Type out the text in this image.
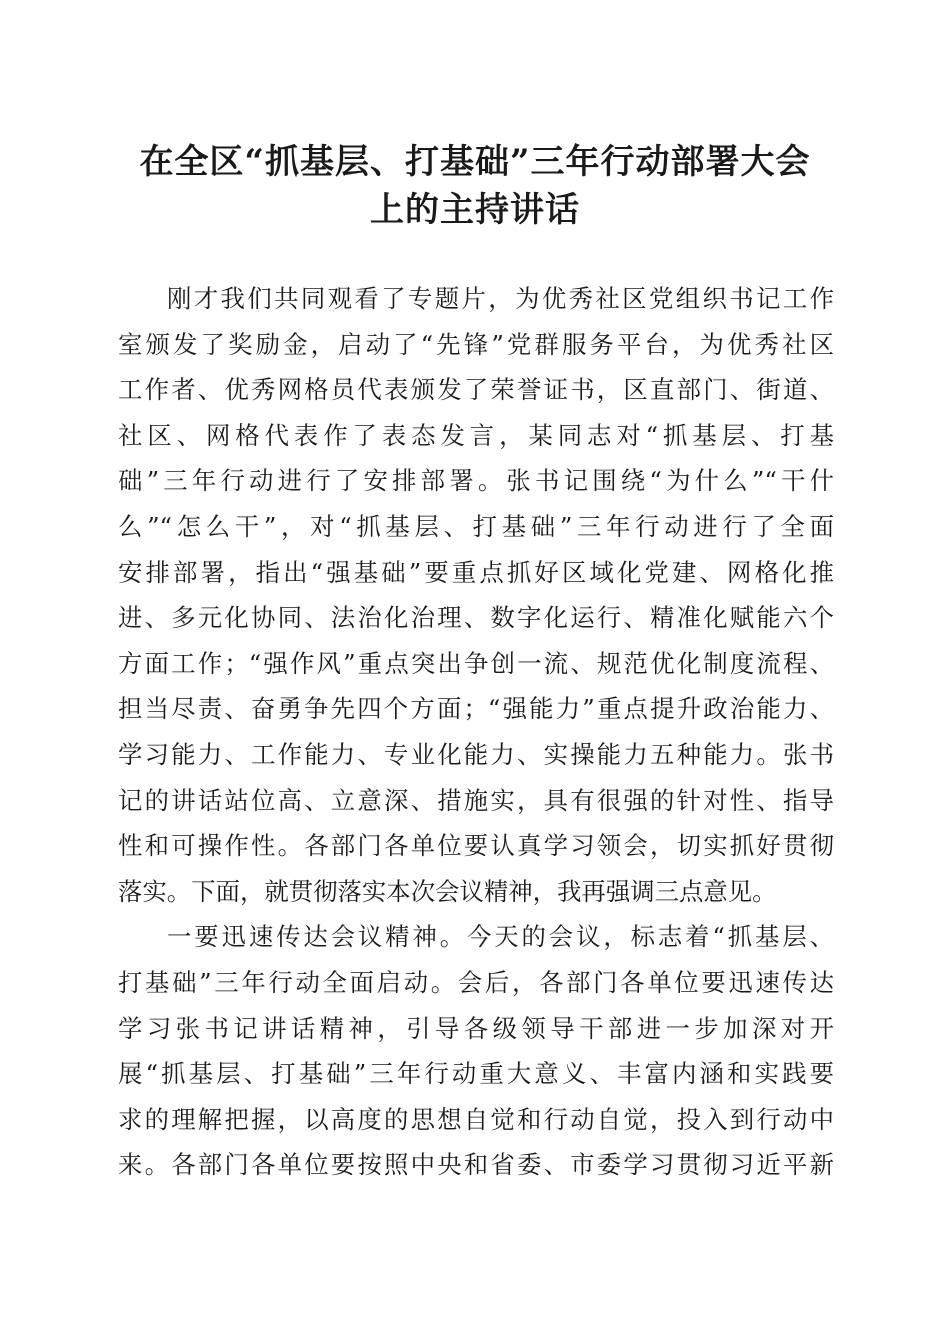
在全区“抓基层、打基础”三年行动部署大会
上的主持讲话
刚才我们共同观看了专题片，为优秀社区党组织书记工作
室颁发了奖励金，启动了“先锋”党群服务平台，为优秀社区
工作者、优秀网格员代表颁发了荣誉证书，区直部门、街道、
社区、网格代表作了表态发言，某同志对“抓基层、打基
础”三年行动进行了安排部署。张书记围绕“为什么”“干什
么”“怎么干”，对“抓基层、打基础”三年行动进行了全面
安排部署，指出“强基础”要重点抓好区域化党建、网格化推
进、多元化协同、法治化治理、数字化运行、精准化赋能六个
方面工作；“强作风”重点突出争创一流、规范优化制度流程、
担当尽责、奋勇争先四个方面；“强能力”重点提升政治能力、
学习能力、工作能力、专业化能力、实操能力五种能力。张书
记的讲话站位高、立意深、措施实，具有很强的针对性、指导
性和可操作性。各部门各单位要认真学习领会，切实抓好贯彻
落实。下面，就贯彻落实本次会议精神，我再强调三点意见。
一要迅速传达会议精神。今天的会议，标志着“抓基层、
打基础”三年行动全面启动。会后，各部门各单位要迅速传达
学习张书记讲话精神，引导各级领导干部进一步加深对开
展“抓基层、打基础”三年行动重大意义、丰富内涵和实践要
求的理解把握，以高度的思想自觉和行动自觉，投入到行动中
来。各部门各单位要按照中央和省委、市委学习贯彻习近平新
